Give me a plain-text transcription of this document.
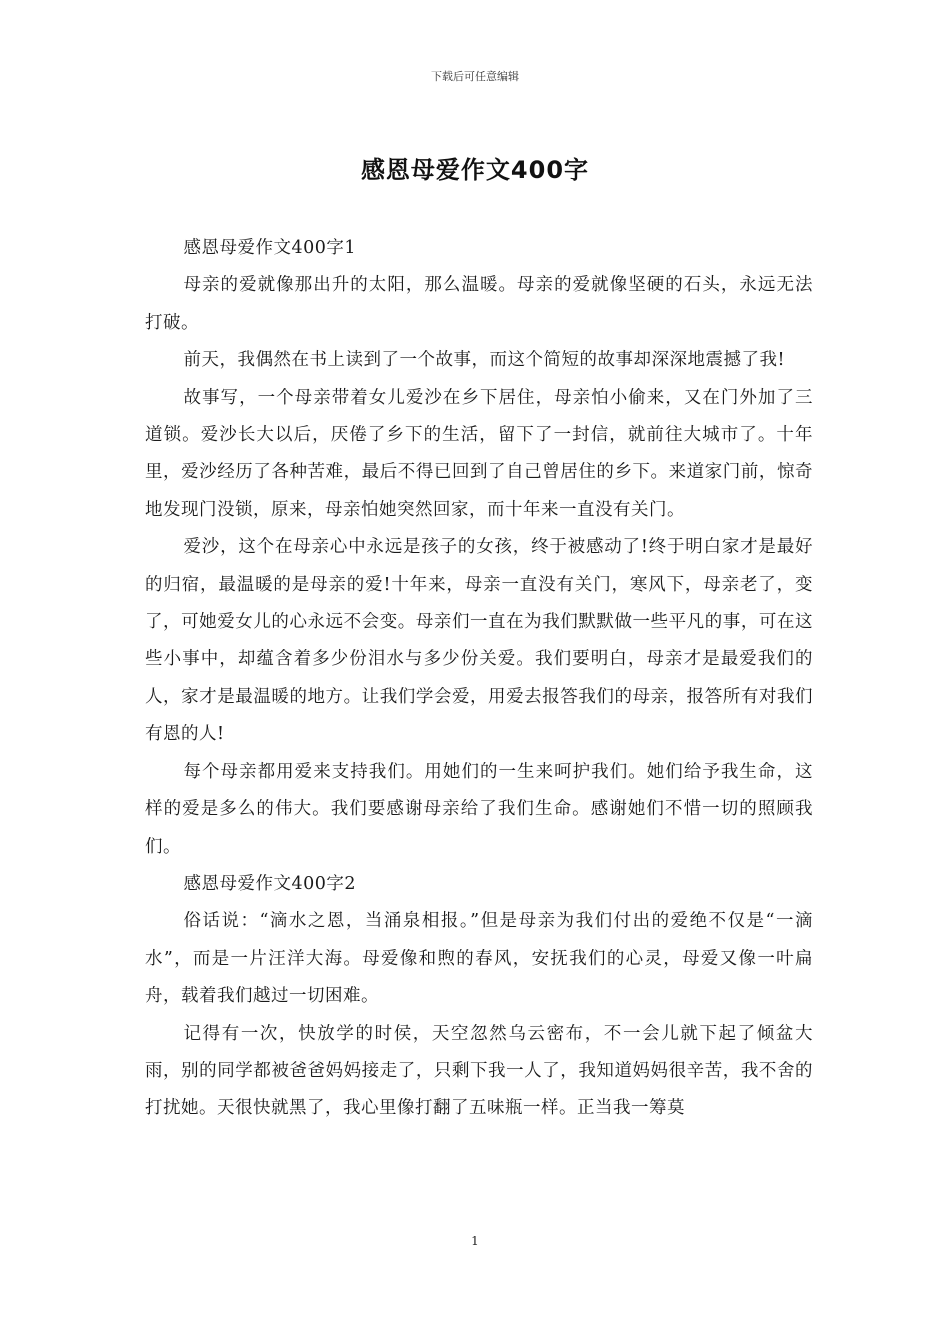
下载后可任意编辑
感恩母爱作文400字

感恩母爱作文400字1

母亲的爱就像那出升的太阳，那么温暖。母亲的爱就像坚硬的石头，永远无法打破。

前天，我偶然在书上读到了一个故事，而这个简短的故事却深深地震撼了我!

故事写，一个母亲带着女儿爱沙在乡下居住，母亲怕小偷来，又在门外加了三道锁。爱沙长大以后，厌倦了乡下的生活，留下了一封信，就前往大城市了。十年里，爱沙经历了各种苦难，最后不得已回到了自己曾居住的乡下。来道家门前，惊奇地发现门没锁，原来，母亲怕她突然回家，而十年来一直没有关门。

爱沙，这个在母亲心中永远是孩子的女孩，终于被感动了!终于明白家才是最好的归宿，最温暖的是母亲的爱!十年来，母亲一直没有关门，寒风下，母亲老了，变了，可她爱女儿的心永远不会变。母亲们一直在为我们默默做一些平凡的事，可在这些小事中，却蕴含着多少份泪水与多少份关爱。我们要明白，母亲才是最爱我们的人，家才是最温暖的地方。让我们学会爱，用爱去报答我们的母亲，报答所有对我们有恩的人!

每个母亲都用爱来支持我们。用她们的一生来呵护我们。她们给予我生命，这样的爱是多么的伟大。我们要感谢母亲给了我们生命。感谢她们不惜一切的照顾我们。

感恩母爱作文400字2

俗话说：“滴水之恩，当涌泉相报。”但是母亲为我们付出的爱绝不仅是“一滴水”，而是一片汪洋大海。母爱像和煦的春风，安抚我们的心灵，母爱又像一叶扁舟，载着我们越过一切困难。

记得有一次，快放学的时侯，天空忽然乌云密布，不一会儿就下起了倾盆大雨，别的同学都被爸爸妈妈接走了，只剩下我一人了，我知道妈妈很辛苦，我不舍的打扰她。天很快就黑了，我心里像打翻了五味瓶一样。正当我一筹莫

1
